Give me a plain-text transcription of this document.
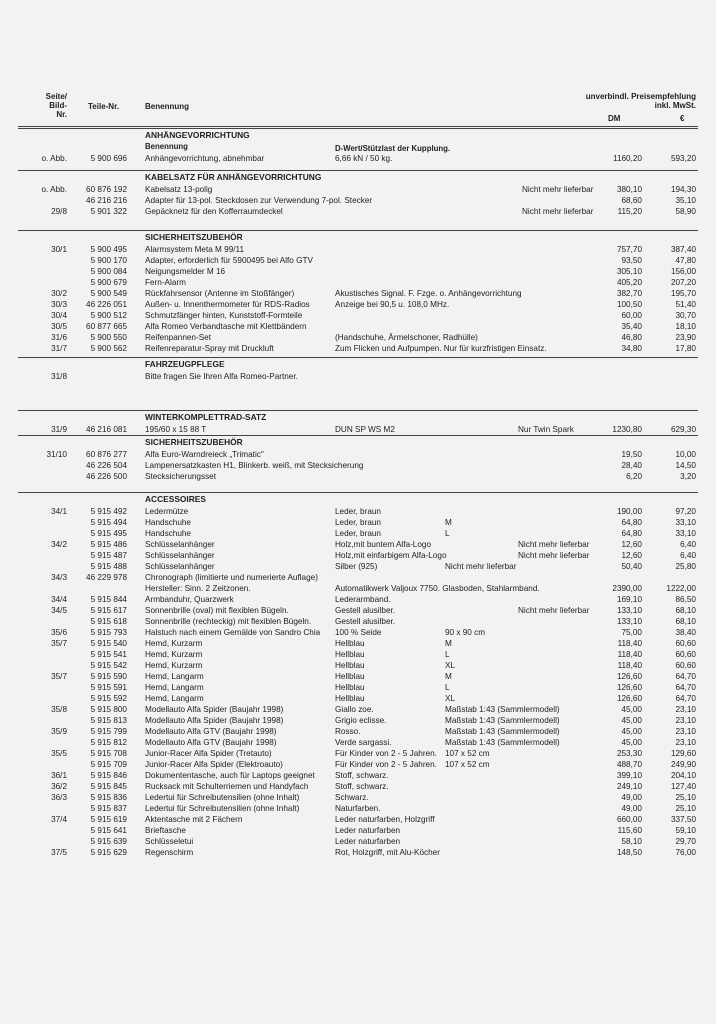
Seite/
Bild-
Nr.
Teile-Nr.	Benennung
unverbindl. Preisempfehlung
inkl. MwSt.
DM	€
ANHÄNGEVORRICHTUNG
Benennung	D-Wert/Stützlast der Kupplung.
o. Abb.	5 900 696 Anhängevorrichtung, abnehmbar	6,66 kN / 50 kg.	1160,20	593,20
KABELSATZ FÜR ANHÄNGEVORRICHTUNG
o. Abb.	60 876 192 Kabelsatz 13-polig	Nicht mehr lieferbar	380,10	194,30
46 216 216 Adapter für 13-pol. Steckdosen zur Verwendung 7-pol. Stecker	68,60	35,10
29/8	5 901 322 Gepäcknetz für den Kofferraumdeckel	Nicht mehr lieferbar	115,20	58,90
SICHERHEITSZUBEHÖR
30/1	5 900 495 Alarmsystem Meta M 99/11	757,70	387,40
5 900 170 Adapter, erforderlich für 5900495 bei Alfo GTV	93,50	47,80
5 900 084 Neigungsmelder M 16	305,10	156,00
5 900 679 Fern-Alarm	405,20	207,20
30/2	5 900 549 Rückfahrsensor (Antenne im Stoßfänger)	Akustisches Signal. F. Fzge. o. Anhängevorrichtung	382,70	195,70
30/3	46 226 051 Außen- u. Innenthermometer für RDS-Radios	Anzeige bei 90,5 u. 108,0 MHz.	100,50	51,40
30/4	5 900 512 Schmutzfänger hinten, Kunststoff-Formteile	60,00	30,70
30/5	60 877 665 Alfa Romeo Verbandtasche mit Klettbändern	35,40	18,10
31/6	5 900 550 Reifenpannen-Set	(Handschuhe, Ärmelschoner, Radhülle)	46,80	23,90
31/7	5 900 562 Reifenreparatur-Spray mit Druckluft	Zum Flicken und Aufpumpen. Nur für kurzfristigen Einsatz.	34,80	17,80
FAHRZEUGPFLEGE
31/8	Bitte fragen Sie Ihren Alfa Romeo-Partner.
WINTERKOMPLETTRAD-SATZ
31/9	46 216 081 195/60 x 15 88 T	DUN SP WS M2	Nur Twin Spark	1230,80	629,30
SICHERHEITSZUBEHÖR
31/10	60 876 277 Alfa Euro-Warndreieck „Trimatic"	19,50	10,00
46 226 504 Lampenersatzkasten H1, Blinkerb. weiß, mit Stecksicherung	28,40	14,50
46 226 500 Stecksicherungsset	6,20	3,20
ACCESSOIRES
34/1	5 915 492 Ledermütze	Leder, braun	190,00	97,20
5 915 494 Handschuhe	Leder, braun	M	64,80	33,10
5 915 495 Handschuhe	Leder, braun	L	64,80	33,10
34/2	5 915 486 Schlüsselanhänger	Holz,mit buntem Alfa-Logo	Nicht mehr lieferbar	12,60	6,40
5 915 487 Schlüsselanhänger	Holz,mit einfarbigem Alfa-Logo	Nicht mehr lieferbar	12,60	6,40
5 915 488 Schlüsselanhänger	Silber (925)	Nicht mehr lieferbar	50,40	25,80
34/3	46 229 978 Chronograph (limitierte und numerierte Auflage)
Hersteller: Sinn. 2 Zeitzonen.	Automatikwerk Valjoux 7750. Glasboden, Stahlarmband.	2390,00	1222,00
34/4	5 915 844 Armbanduhr, Quarzwerk	Lederarmband.	169,10	86,50
34/5	5 915 617 Sonnenbrille (oval) mit flexiblen Bügeln.	Gestell alusilber.	Nicht mehr lieferbar	133,10	68,10
5 915 618 Sonnenbrille (rechteckig) mit flexiblen Bügeln.	Gestell alusilber.	133,10	68,10
35/6	5 915 793 Halstuch nach einem Gemälde von Sandro Chia 100 % Seide	90 x 90 cm	75,00	38,40
35/7	5 915 540 Hemd, Kurzarm	Hellblau	M	118,40	60,60
5 915 541 Hemd, Kurzarm	Hellblau	L	118,40	60,60
5 915 542 Hemd, Kurzarm	Hellblau	XL	118,40	60,60
35/7	5 915 590 Hemd, Langarm	Hellblau	M	126,60	64,70
5 915 591 Hemd, Langarm	Hellblau	L	126,60	64,70
5 915 592 Hemd, Langarm	Hellblau	XL	126,60	64,70
35/8	5 915 800 Modellauto Alfa Spider (Baujahr 1998)	Giallo zoe.	Maßstab 1:43 (Sammlermodell)	45,00	23,10
5 915 813 Modellauto Alfa Spider (Baujahr 1998)	Grigio eclisse.	Maßstab 1:43 (Sammlermodell)	45,00	23,10
35/9	5 915 799 Modellauto Alfa GTV (Baujahr 1998)	Rosso.	Maßstab 1:43 (Sammlermodell)	45,00	23,10
5 915 812 Modellauto Alfa GTV (Baujahr 1998)	Verde sargassi.	Maßstab 1:43 (Sammlermodell)	45,00	23,10
35/5	5 915 708 Junior-Racer Alfa Spider (Tretauto)	Für Kinder von 2 - 5 Jahren. 107 x 52 cm	253,30	129,60
5 915 709 Junior-Racer Alfa Spider (Elektroauto)	Für Kinder von 2 - 5 Jahren. 107 x 52 cm	488,70	249,90
36/1	5 915 846 Dokumententasche, auch für Laptops geeignet Stoff, schwarz.	399,10	204,10
36/2	5 915 845 Rucksack mit Schulterriemen und Handyfach	Stoff, schwarz.	249,10	127,40
36/3	5 915 836 Ledertui für Schreibutensilien (ohne Inhalt)	Schwarz.	49,00	25,10
5 915 837 Ledertui für Schreibutensilien (ohne Inhalt)	Naturfarben.	49,00	25,10
37/4	5 915 619 Aktentasche mit 2 Fächern	Leder naturfarben, Holzgriff	660,00	337,50
5 915 641 Brieftasche	Leder naturfarben	115,60	59,10
5 915 639 Schlüsseletui	Leder naturfarben	58,10	29,70
37/5	5 915 629 Regenschirm	Rot, Holzgriff, mit Alu-Köcher	148,50	76,00
